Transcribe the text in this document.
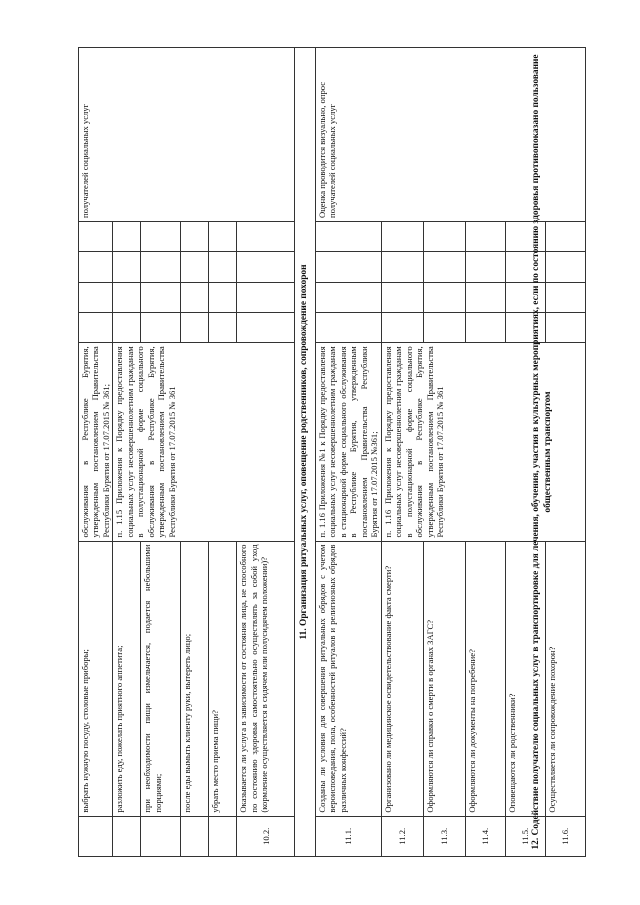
	выбрать нужную посуду, столовые приборы;	обслуживания в Республике Бурятия, утвержденным постановлением Правительства Республики Бурятия от 17.07.2015 № 361;					получателей социальных услуг
	разложить еду, пожелать приятного аппетита;	п. 1.15 Приложения к Порядку предоставления социальных услуг несовершеннолетним гражданам в полустационарной форме социального обслуживания в Республике Бурятия, утвержденным постановлением Правительства Республики Бурятия от 17.07.2015 № 361					
	при необходимости пищи измельчается, подается небольшими порциями;						
	после еды вымыть клиенту руки, вытереть лицо;						
	убрать место приема пищи?						
10.2.	Оказывается ли услуга в зависимости от состояния лица, не способного по состоянию здоровья самостоятельно осуществлять за собой уход (кормление осуществляется в сидячем или полусидячем положении)?						
11. Организация ритуальных услуг, оповещение родственников, сопровождение похорон							
11.1.	Созданы ли условия для совершения ритуальных обрядов с учетом вероисповедания, пола, особенностей ритуалов и религиозных обрядов различных конфессий?	п. 1.16 Приложения №1 к Порядку предоставления социальных услуг несовершеннолетним гражданам в стационарной форме социального обслуживания в Республике Бурятия, утвержденным постановлением Правительства Республики Бурятия от 17.07.2015 №361;					Оценка проводится визуально, опрос получателей социальных услуг
11.2.	Организовано ли медицинское освидетельствование факта смерти?	п. 1.16 Приложения к Порядку предоставления социальных услуг несовершеннолетним гражданам в полустационарной форме социального обслуживания в Республике Бурятия, утвержденным постановлением Правительства Республики Бурятия от 17.07.2015 № 361					
11.3.	Оформляются ли справки о смерти в органах ЗАГС?						
11.4.	Оформляются ли документы на погребение?						
11.5.	Оповещаются ли родственники?						
11.6.	Осуществляется ли сопровождение похорон?						
12. Содействие получателю социальных услуг в транспортировке для лечения, обучения, участия в культурных мероприятиях, если по состоянию здоровья противопоказано пользование общественным транспортом
